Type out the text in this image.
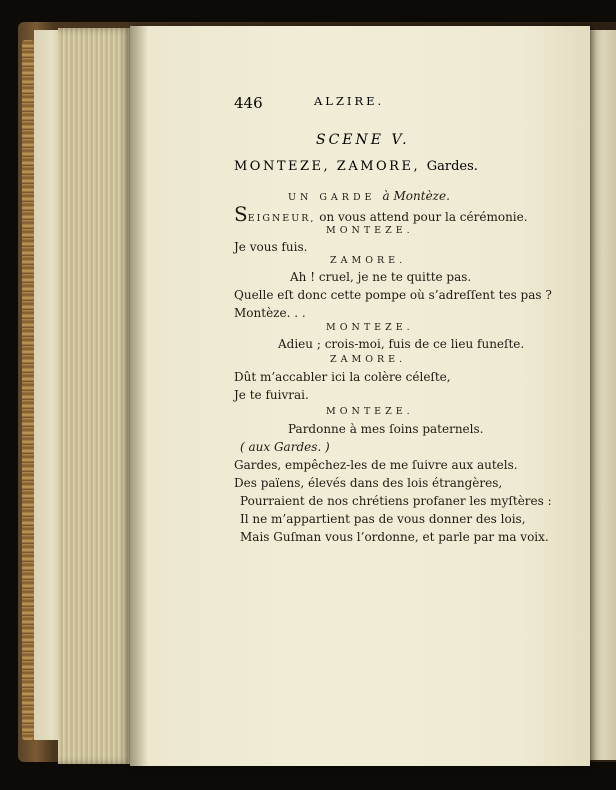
446	ALZIRE.
SCENE V.
MONTEZE, ZAMORE, Gardes.
UN GARDE à Montèze.
SEIGNEUR, on vous attend pour la cérémonie.
MONTEZE.
Je vous fuis.
ZAMORE.
Ah ! cruel, je ne te quitte pas.
Quelle eſt donc cette pompe où s’adreſſent tes pas ?
Montèze. . .
MONTEZE.
Adieu ; crois-moi, fuis de ce lieu funeſte.
ZAMORE.
Dût m’accabler ici la colère céleſte,
Je te fuivrai.
MONTEZE.
Pardonne à mes ſoins paternels.
( aux Gardes. )
Gardes, empêchez-les de me ſuivre aux autels.
Des païens, élevés dans des lois étrangères,
Pourraient de nos chrétiens profaner les myſtères :
Il ne m’appartient pas de vous donner des lois,
Mais Guſman vous l’ordonne, et parle par ma voix.
